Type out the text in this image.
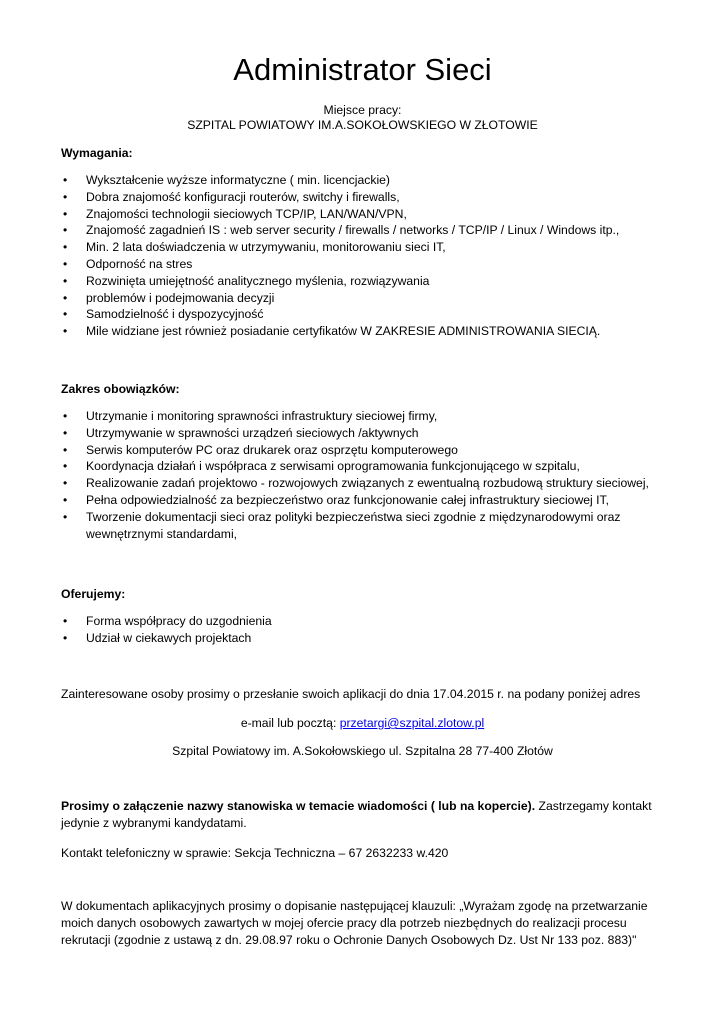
Administrator Sieci
Miejsce pracy:
SZPITAL POWIATOWY IM.A.SOKOŁOWSKIEGO W ZŁOTOWIE
Wymagania:
• Wykształcenie wyższe informatyczne ( min. licencjackie)
• Dobra znajomość konfiguracji routerów, switchy i firewalls,
• Znajomości technologii sieciowych TCP/IP, LAN/WAN/VPN,
• Znajomość zagadnień IS : web server security / firewalls / networks / TCP/IP / Linux / Windows itp.,
• Min. 2 lata doświadczenia w utrzymywaniu, monitorowaniu sieci IT,
• Odporność na stres
• Rozwinięta umiejętność analitycznego myślenia, rozwiązywania
• problemów i podejmowania decyzji
• Samodzielność i dyspozycyjność
• Mile widziane jest również posiadanie certyfikatów W ZAKRESIE ADMINISTROWANIA SIECIĄ.
Zakres obowiązków:
• Utrzymanie i monitoring sprawności infrastruktury sieciowej firmy,
• Utrzymywanie w sprawności urządzeń sieciowych /aktywnych
• Serwis komputerów PC oraz drukarek oraz osprzętu komputerowego
• Koordynacja działań i współpraca z serwisami oprogramowania funkcjonującego w szpitalu,
• Realizowanie zadań projektowo - rozwojowych związanych z ewentualną rozbudową struktury sieciowej,
• Pełna odpowiedzialność za bezpieczeństwo oraz funkcjonowanie całej infrastruktury sieciowej IT,
• Tworzenie dokumentacji sieci oraz polityki bezpieczeństwa sieci zgodnie z międzynarodowymi oraz wewnętrznymi standardami,
Oferujemy:
• Forma współpracy do uzgodnienia
• Udział w ciekawych projektach
Zainteresowane osoby prosimy o przesłanie swoich aplikacji do dnia 17.04.2015 r. na podany poniżej adres
e-mail lub pocztą: przetargi@szpital.zlotow.pl
Szpital Powiatowy im. A.Sokołowskiego ul. Szpitalna 28 77-400 Złotów
Prosimy o załączenie nazwy stanowiska w temacie wiadomości ( lub na kopercie). Zastrzegamy kontakt jedynie z wybranymi kandydatami.
Kontakt telefoniczny w sprawie: Sekcja Techniczna – 67 2632233 w.420
W dokumentach aplikacyjnych prosimy o dopisanie następującej klauzuli: „Wyrażam zgodę na przetwarzanie moich danych osobowych zawartych w mojej ofercie pracy dla potrzeb niezbędnych do realizacji procesu rekrutacji (zgodnie z ustawą z dn. 29.08.97 roku o Ochronie Danych Osobowych Dz. Ust Nr 133 poz. 883)"
